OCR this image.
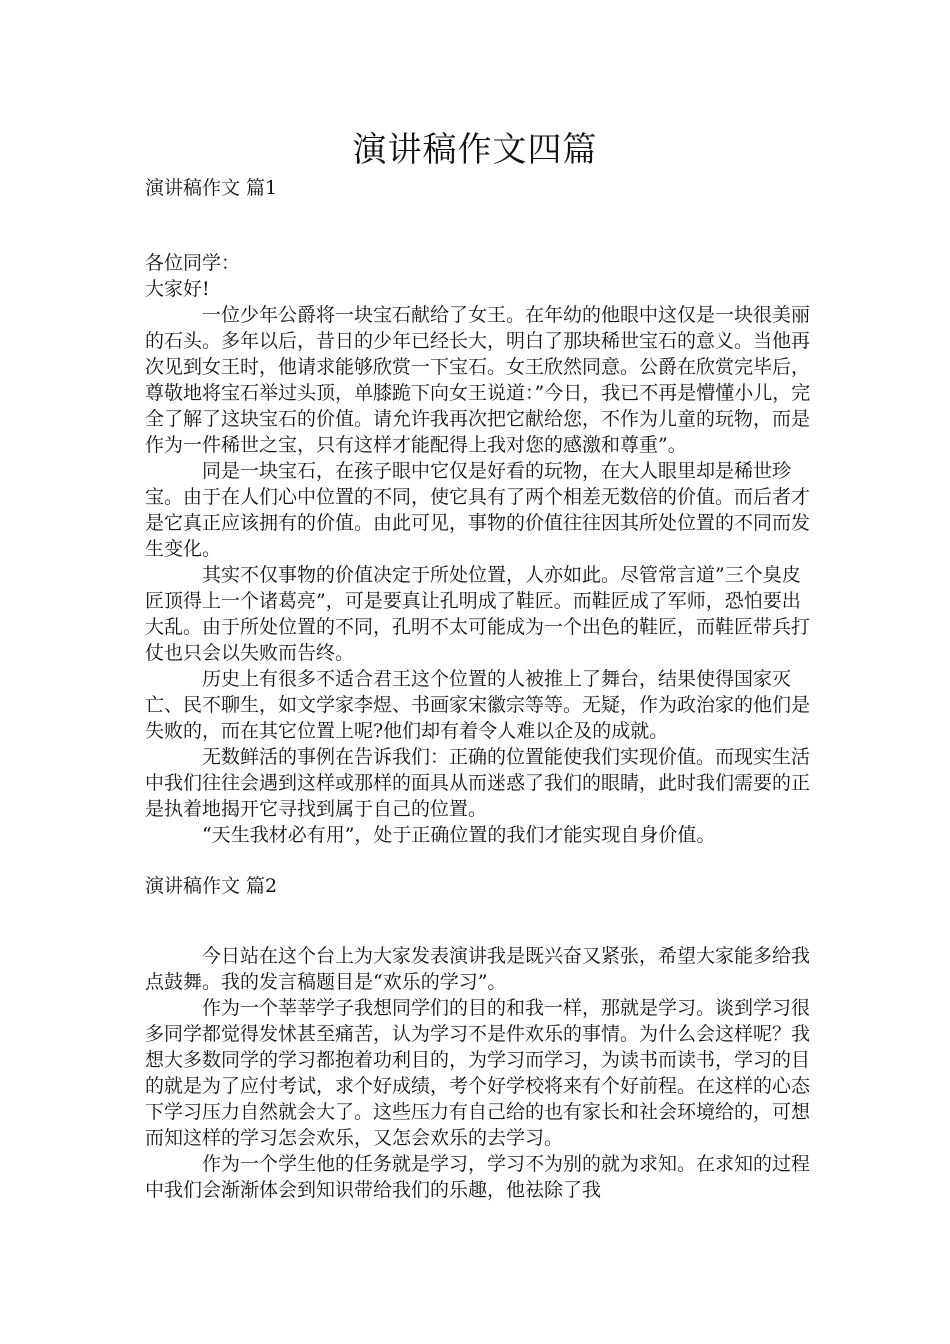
演讲稿作文四篇
演讲稿作文 篇1

各位同学：

大家好!

一位少年公爵将一块宝石献给了女王。在年幼的他眼中这仅是一块很美丽的石头。多年以后，昔日的少年已经长大，明白了那块稀世宝石的意义。当他再次见到女王时，他请求能够欣赏一下宝石。女王欣然同意。公爵在欣赏完毕后，尊敬地将宝石举过头顶，单膝跪下向女王说道：”今日，我已不再是懵懂小儿，完全了解了这块宝石的价值。请允许我再次把它献给您，不作为儿童的玩物，而是作为一件稀世之宝，只有这样才能配得上我对您的感激和尊重”。

同是一块宝石，在孩子眼中它仅是好看的玩物，在大人眼里却是稀世珍宝。由于在人们心中位置的不同，使它具有了两个相差无数倍的价值。而后者才是它真正应该拥有的价值。由此可见，事物的价值往往因其所处位置的不同而发生变化。

其实不仅事物的价值决定于所处位置，人亦如此。尽管常言道”三个臭皮匠顶得上一个诸葛亮”，可是要真让孔明成了鞋匠。而鞋匠成了军师，恐怕要出大乱。由于所处位置的不同，孔明不太可能成为一个出色的鞋匠，而鞋匠带兵打仗也只会以失败而告终。

历史上有很多不适合君王这个位置的人被推上了舞台，结果使得国家灭亡、民不聊生，如文学家李煜、书画家宋徽宗等等。无疑，作为政治家的他们是失败的，而在其它位置上呢?他们却有着令人难以企及的成就。

无数鲜活的事例在告诉我们：正确的位置能使我们实现价值。而现实生活中我们往往会遇到这样或那样的面具从而迷惑了我们的眼睛，此时我们需要的正是执着地揭开它寻找到属于自己的位置。

“天生我材必有用”，处于正确位置的我们才能实现自身价值。

演讲稿作文 篇2

今日站在这个台上为大家发表演讲我是既兴奋又紧张，希望大家能多给我点鼓舞。我的发言稿题目是“欢乐的学习”。

作为一个莘莘学子我想同学们的目的和我一样，那就是学习。谈到学习很多同学都觉得发怵甚至痛苦，认为学习不是件欢乐的事情。为什么会这样呢？我想大多数同学的学习都抱着功利目的，为学习而学习，为读书而读书，学习的目的就是为了应付考试，求个好成绩，考个好学校将来有个好前程。在这样的心态下学习压力自然就会大了。这些压力有自己给的也有家长和社会环境给的，可想而知这样的学习怎会欢乐，又怎会欢乐的去学习。

作为一个学生他的任务就是学习，学习不为别的就为求知。在求知的过程中我们会渐渐体会到知识带给我们的乐趣，他祛除了我
